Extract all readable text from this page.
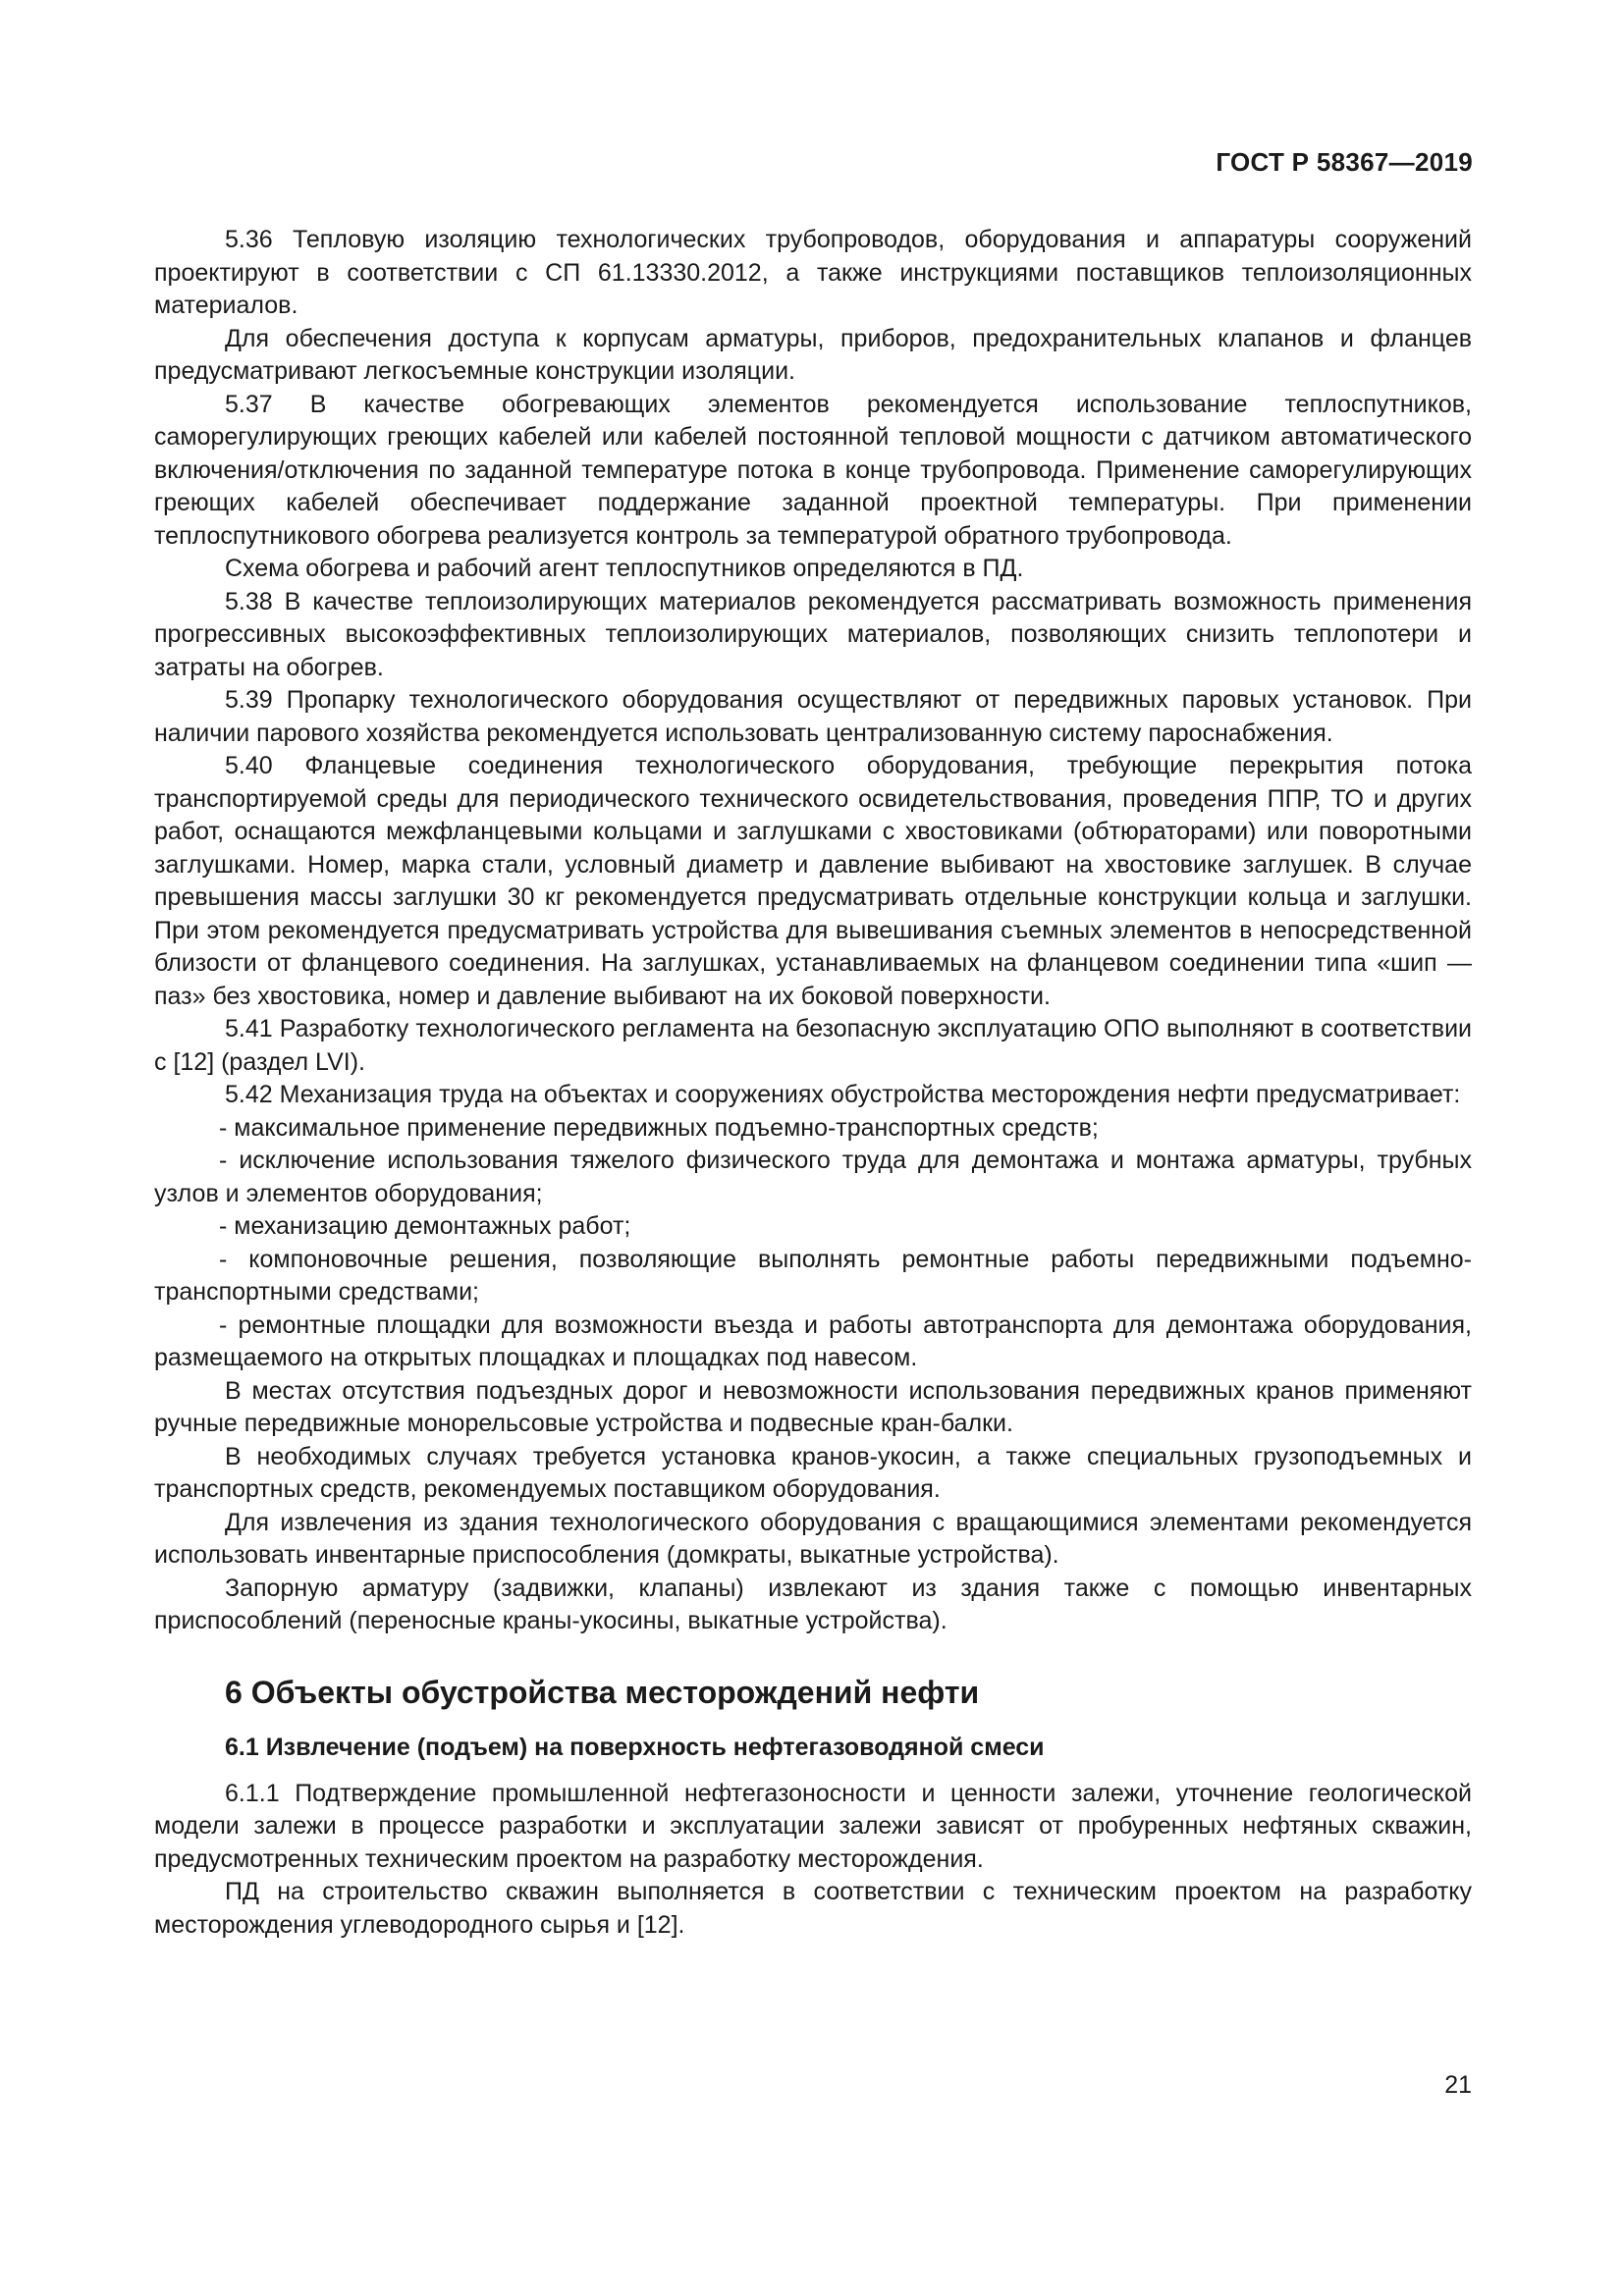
ГОСТ Р 58367—2019

5.36 Тепловую изоляцию технологических трубопроводов, оборудования и аппаратуры сооружений проектируют в соответствии с СП 61.13330.2012, а также инструкциями поставщиков теплоизоляционных материалов.

Для обеспечения доступа к корпусам арматуры, приборов, предохранительных клапанов и фланцев предусматривают легкосъемные конструкции изоляции.

5.37 В качестве обогревающих элементов рекомендуется использование теплоспутников, саморегулирующих греющих кабелей или кабелей постоянной тепловой мощности с датчиком автоматического включения/отключения по заданной температуре потока в конце трубопровода. Применение саморегулирующих греющих кабелей обеспечивает поддержание заданной проектной температуры. При применении теплоспутникового обогрева реализуется контроль за температурой обратного трубопровода.

Схема обогрева и рабочий агент теплоспутников определяются в ПД.

5.38 В качестве теплоизолирующих материалов рекомендуется рассматривать возможность применения прогрессивных высокоэффективных теплоизолирующих материалов, позволяющих снизить теплопотери и затраты на обогрев.

5.39 Пропарку технологического оборудования осуществляют от передвижных паровых установок. При наличии парового хозяйства рекомендуется использовать централизованную систему пароснабжения.

5.40 Фланцевые соединения технологического оборудования, требующие перекрытия потока транспортируемой среды для периодического технического освидетельствования, проведения ППР, ТО и других работ, оснащаются межфланцевыми кольцами и заглушками с хвостовиками (обтюраторами) или поворотными заглушками. Номер, марка стали, условный диаметр и давление выбивают на хвостовике заглушек. В случае превышения массы заглушки 30 кг рекомендуется предусматривать отдельные конструкции кольца и заглушки. При этом рекомендуется предусматривать устройства для вывешивания съемных элементов в непосредственной близости от фланцевого соединения. На заглушках, устанавливаемых на фланцевом соединении типа «шип — паз» без хвостовика, номер и давление выбивают на их боковой поверхности.

5.41 Разработку технологического регламента на безопасную эксплуатацию ОПО выполняют в соответствии с [12] (раздел LVI).

5.42 Механизация труда на объектах и сооружениях обустройства месторождения нефти предусматривает:

- максимальное применение передвижных подъемно-транспортных средств;

- исключение использования тяжелого физического труда для демонтажа и монтажа арматуры, трубных узлов и элементов оборудования;

- механизацию демонтажных работ;

- компоновочные решения, позволяющие выполнять ремонтные работы передвижными подъемно-транспортными средствами;

- ремонтные площадки для возможности въезда и работы автотранспорта для демонтажа оборудования, размещаемого на открытых площадках и площадках под навесом.

В местах отсутствия подъездных дорог и невозможности использования передвижных кранов применяют ручные передвижные монорельсовые устройства и подвесные кран-балки.

В необходимых случаях требуется установка кранов-укосин, а также специальных грузоподъемных и транспортных средств, рекомендуемых поставщиком оборудования.

Для извлечения из здания технологического оборудования с вращающимися элементами рекомендуется использовать инвентарные приспособления (домкраты, выкатные устройства).

Запорную арматуру (задвижки, клапаны) извлекают из здания также с помощью инвентарных приспособлений (переносные краны-укосины, выкатные устройства).

6 Объекты обустройства месторождений нефти
6.1 Извлечение (подъем) на поверхность нефтегазоводяной смеси

6.1.1 Подтверждение промышленной нефтегазоносности и ценности залежи, уточнение геологической модели залежи в процессе разработки и эксплуатации залежи зависят от пробуренных нефтяных скважин, предусмотренных техническим проектом на разработку месторождения.

ПД на строительство скважин выполняется в соответствии с техническим проектом на разработку месторождения углеводородного сырья и [12].

21
